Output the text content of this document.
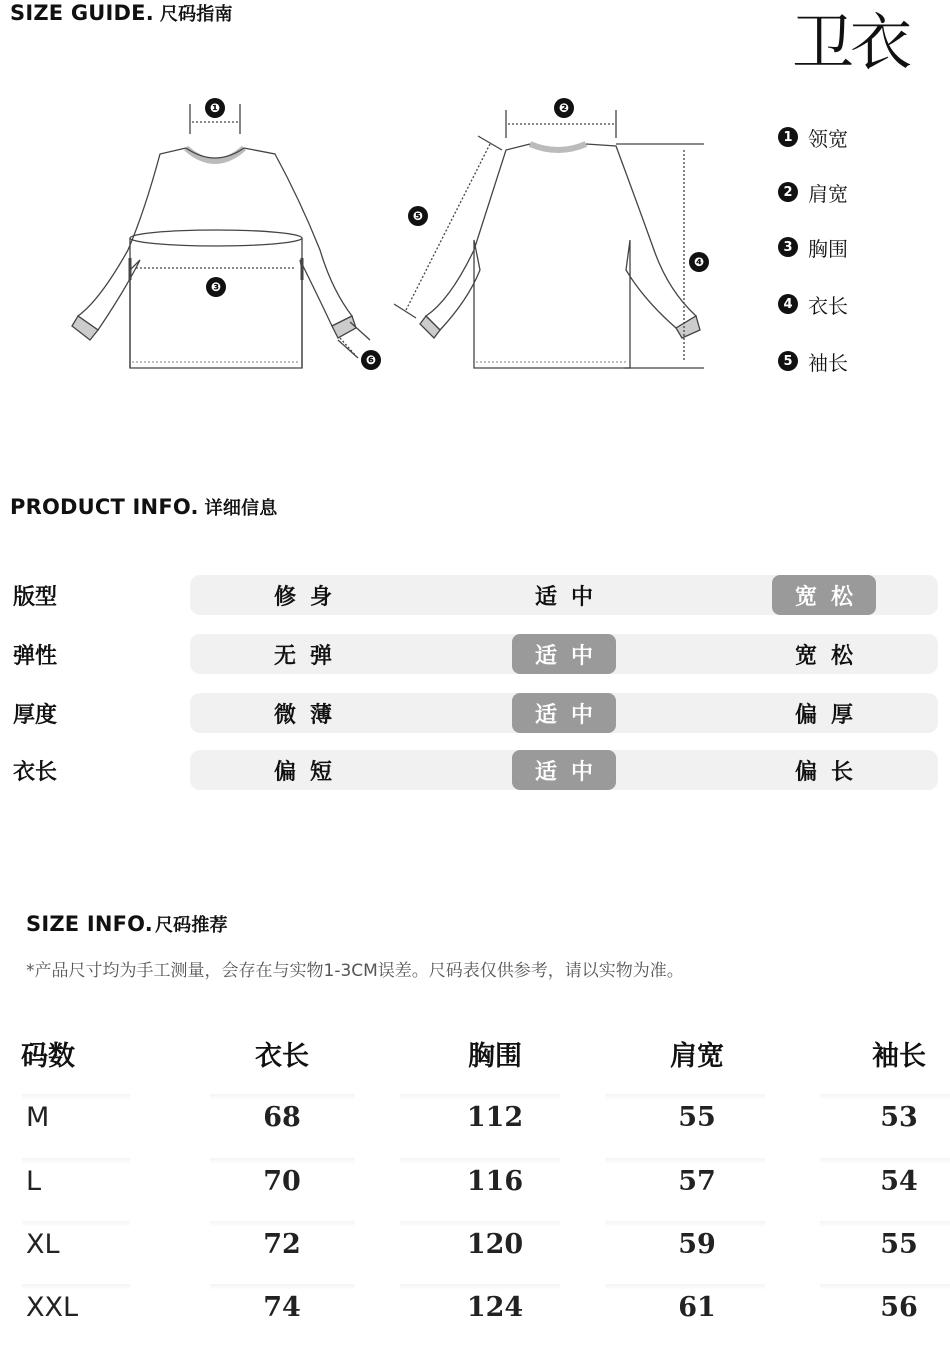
SIZE GUIDE. 尺码指南	卫衣
❶
❸
❻
❷
❺
❹
1 领宽
2 肩宽
3 胸围
4 衣长
5 袖长
PRODUCT INFO. 详细信息
版型	修身	适中	宽松
弹性	无弹	适中	宽松
厚度	微薄	适中	偏厚
衣长	偏短	适中	偏长
SIZE INFO. 尺码推荐
*产品尺寸均为手工测量，会存在与实物1-3CM误差。尺码表仅供参考，请以实物为准。
码数	衣长	胸围	肩宽	袖长
M	68	112	55	53
L	70	116	57	54
XL	72	120	59	55
XXL	74	124	61	56
